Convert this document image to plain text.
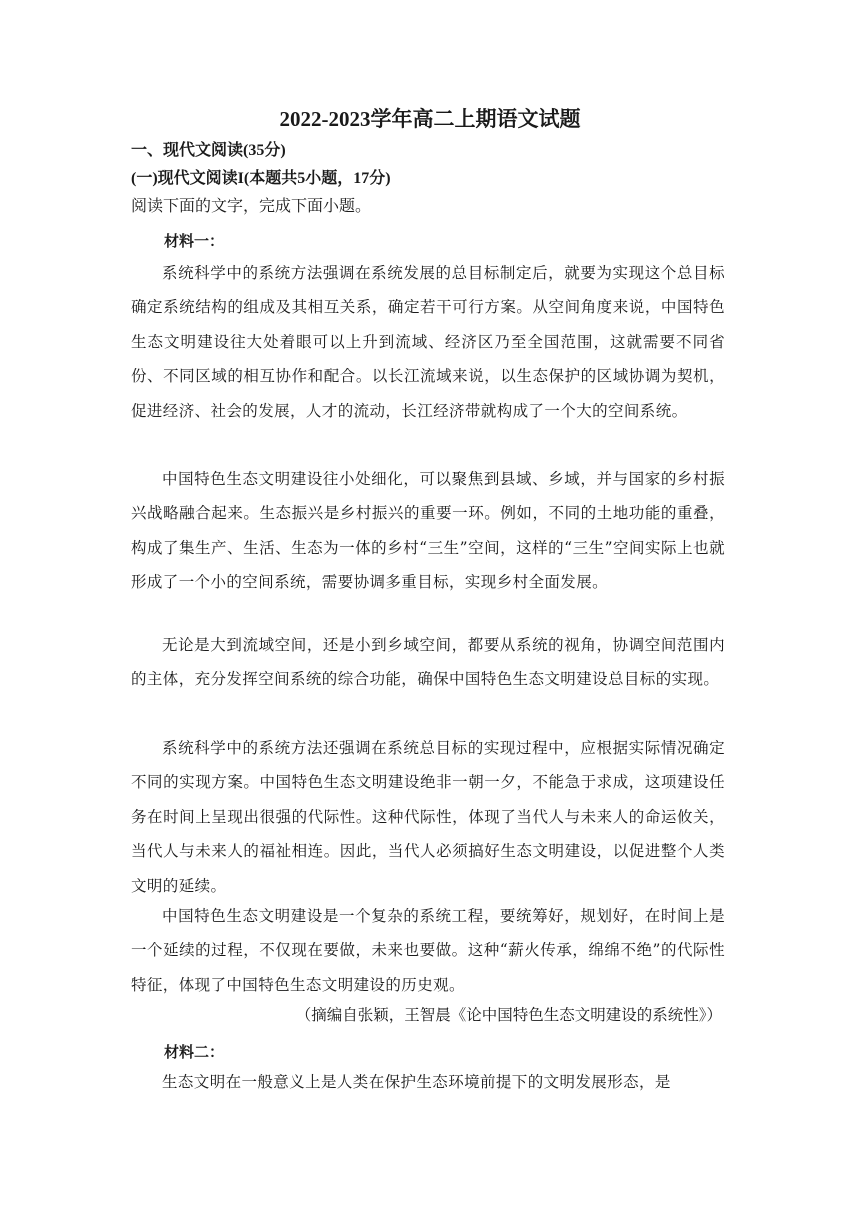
2022-2023学年高二上期语文试题
一、现代文阅读(35分)
(一)现代文阅读I(本题共5小题，17分)

阅读下面的文字，完成下面小题。

材料一：

系统科学中的系统方法强调在系统发展的总目标制定后，就要为实现这个总目标确定系统结构的组成及其相互关系，确定若干可行方案。从空间角度来说，中国特色生态文明建设往大处着眼可以上升到流域、经济区乃至全国范围，这就需要不同省份、不同区域的相互协作和配合。以长江流域来说，以生态保护的区域协调为契机，促进经济、社会的发展，人才的流动，长江经济带就构成了一个大的空间系统。

中国特色生态文明建设往小处细化，可以聚焦到县域、乡域，并与国家的乡村振兴战略融合起来。生态振兴是乡村振兴的重要一环。例如，不同的土地功能的重叠，构成了集生产、生活、生态为一体的乡村“三生”空间，这样的“三生”空间实际上也就形成了一个小的空间系统，需要协调多重目标，实现乡村全面发展。

无论是大到流域空间，还是小到乡域空间，都要从系统的视角，协调空间范围内的主体，充分发挥空间系统的综合功能，确保中国特色生态文明建设总目标的实现。

系统科学中的系统方法还强调在系统总目标的实现过程中，应根据实际情况确定不同的实现方案。中国特色生态文明建设绝非一朝一夕，不能急于求成，这项建设任务在时间上呈现出很强的代际性。这种代际性，体现了当代人与未来人的命运攸关，当代人与未来人的福祉相连。因此，当代人必须搞好生态文明建设，以促进整个人类文明的延续。

中国特色生态文明建设是一个复杂的系统工程，要统筹好，规划好，在时间上是一个延续的过程，不仅现在要做，未来也要做。这种“薪火传承，绵绵不绝”的代际性特征，体现了中国特色生态文明建设的历史观。

（摘编自张颖，王智晨《论中国特色生态文明建设的系统性》）

材料二：

生态文明在一般意义上是人类在保护生态环境前提下的文明发展形态，是
